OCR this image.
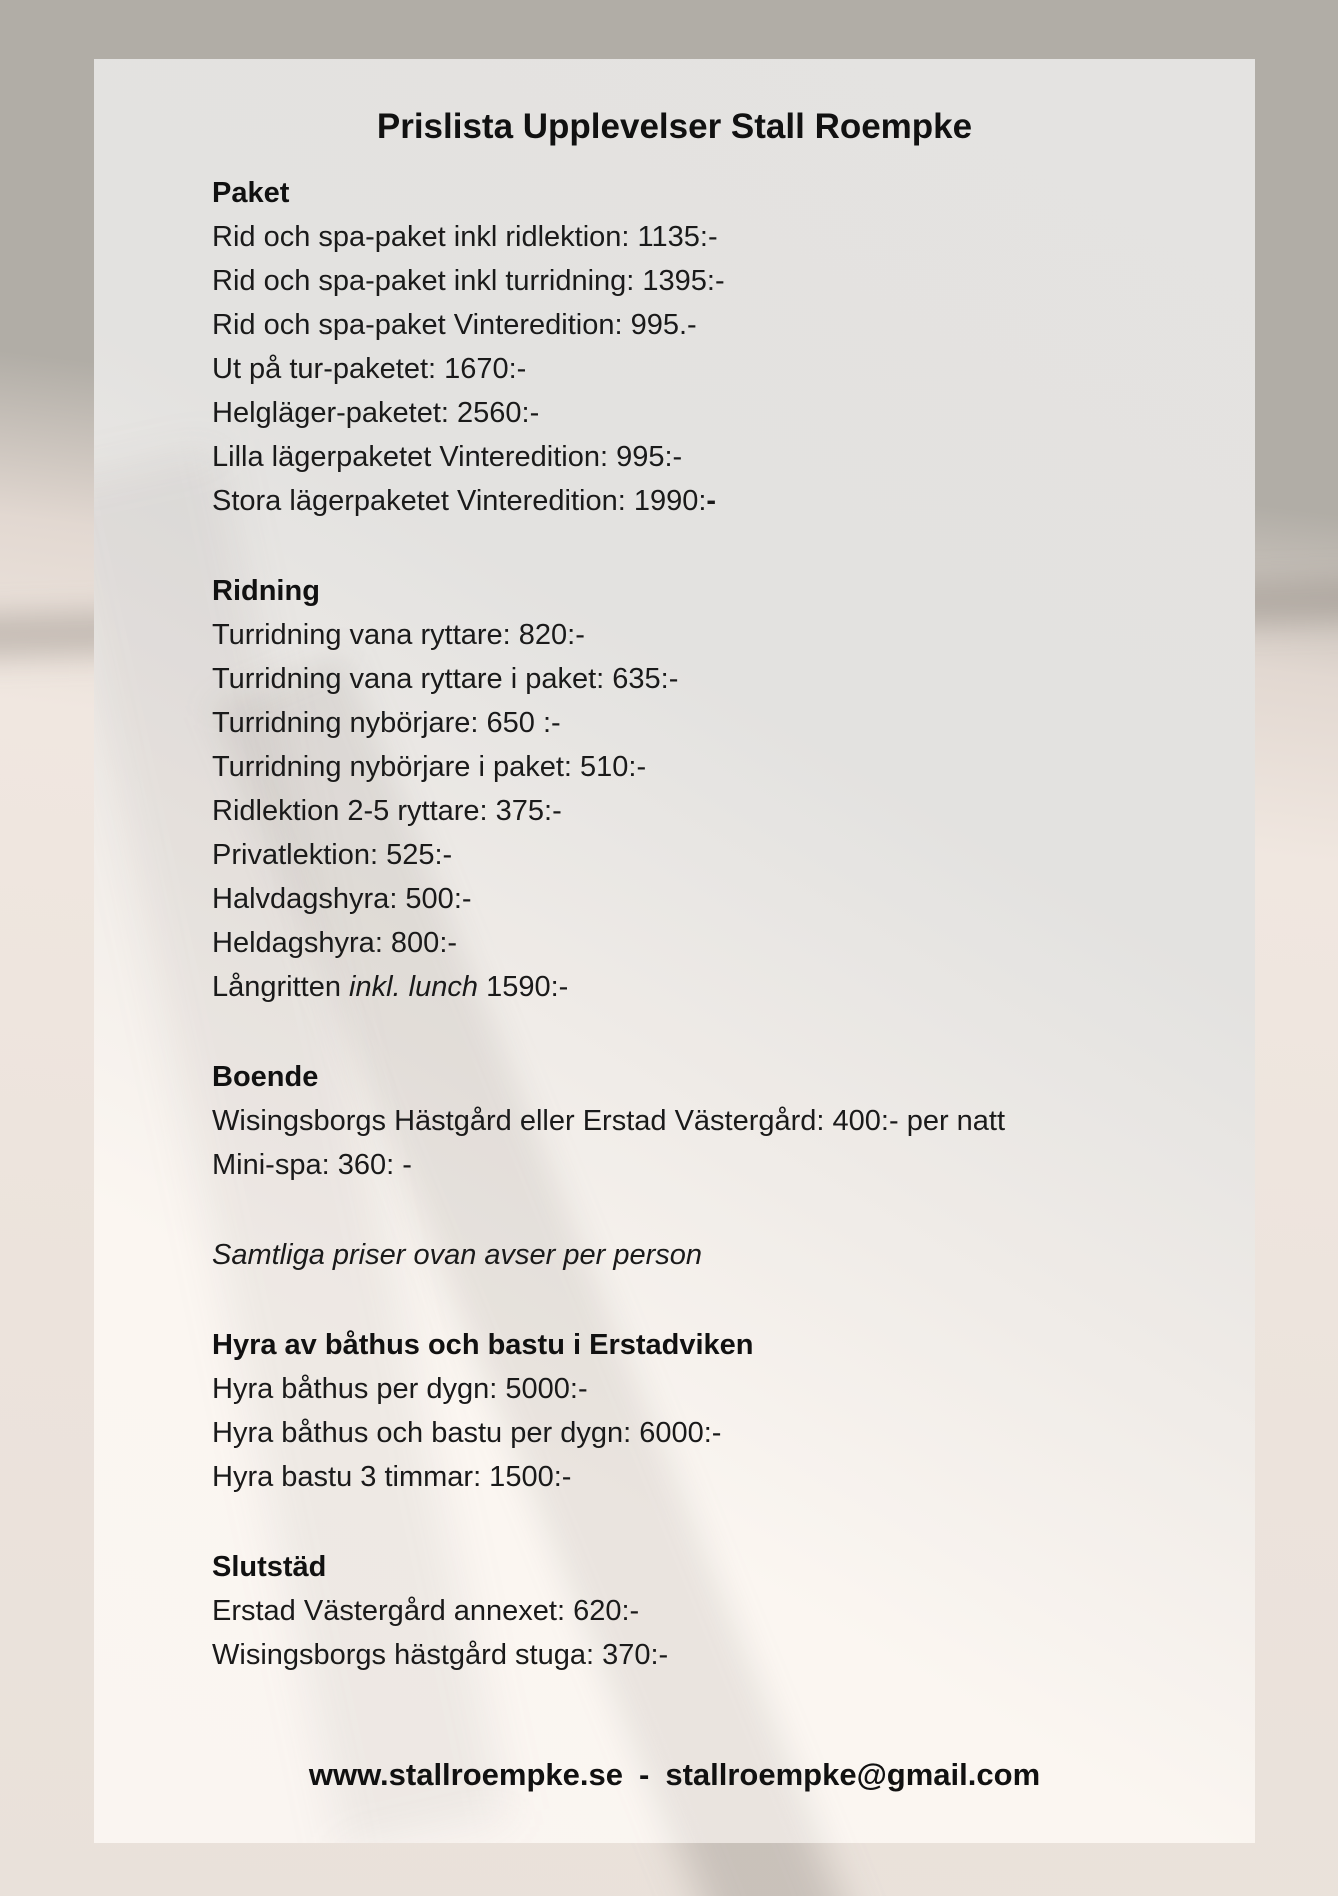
Prislista Upplevelser Stall Roempke
Paket
Rid och spa-paket inkl ridlektion: 1135:-
Rid och spa-paket inkl turridning: 1395:-
Rid och spa-paket Vinteredition: 995.-
Ut på tur-paketet: 1670:-
Helgläger-paketet: 2560:-
Lilla lägerpaketet Vinteredition: 995:-
Stora lägerpaketet Vinteredition: 1990:-
Ridning
Turridning vana ryttare: 820:-
Turridning vana ryttare i paket: 635:-
Turridning nybörjare: 650 :-
Turridning nybörjare i paket: 510:-
Ridlektion 2-5 ryttare: 375:-
Privatlektion: 525:-
Halvdagshyra: 500:-
Heldagshyra: 800:-
Långritten inkl. lunch 1590:-
Boende
Wisingsborgs Hästgård eller Erstad Västergård: 400:- per natt
Mini-spa: 360: -
Samtliga priser ovan avser per person
Hyra av båthus och bastu i Erstadviken
Hyra båthus per dygn: 5000:-
Hyra båthus och bastu per dygn: 6000:-
Hyra bastu 3 timmar: 1500:-
Slutstäd
Erstad Västergård annexet: 620:-
Wisingsborgs hästgård stuga: 370:-
www.stallroempke.se - stallroempke@gmail.com
